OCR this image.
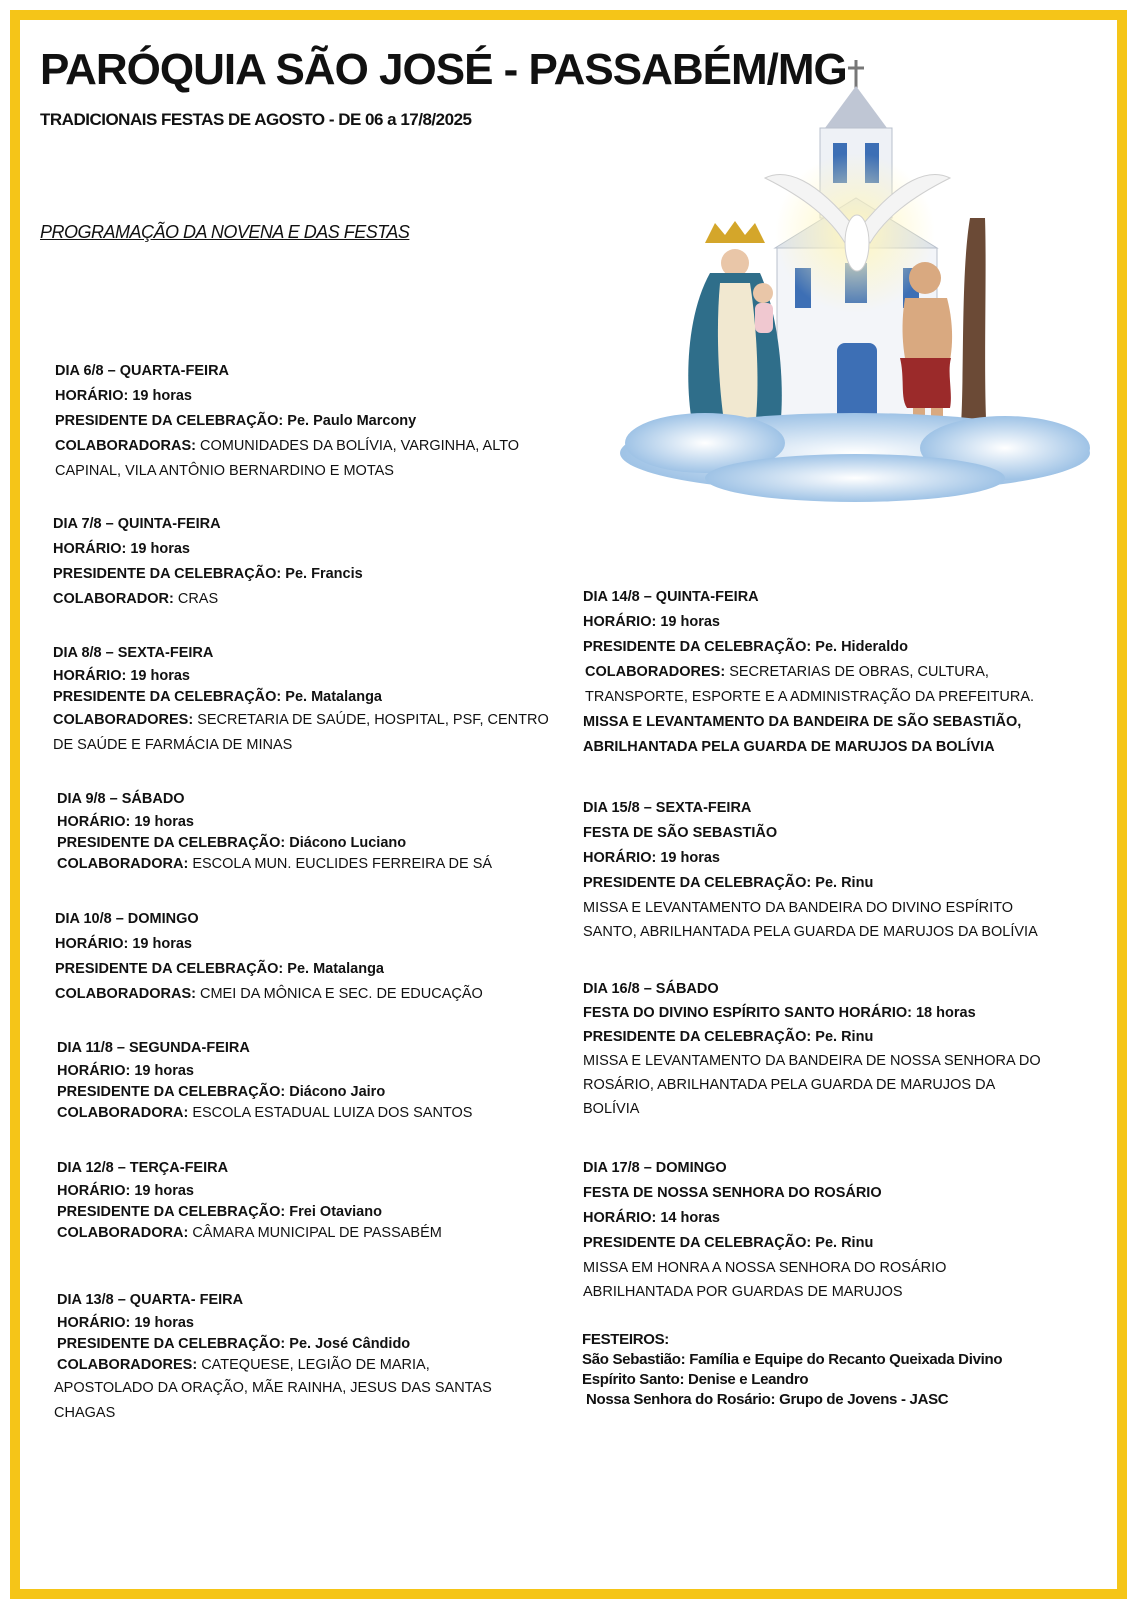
PARÓQUIA SÃO JOSÉ - PASSABÉM/MG
TRADICIONAIS FESTAS DE AGOSTO - DE 06 a 17/8/2025
PROGRAMAÇÃO DA NOVENA E DAS FESTAS

DIA 6/8 – QUARTA-FEIRA

HORÁRIO: 19 horas

PRESIDENTE DA CELEBRAÇÃO: Pe. Paulo Marcony

COLABORADORAS: COMUNIDADES DA BOLÍVIA, VARGINHA, ALTO

CAPINAL, VILA ANTÔNIO BERNARDINO E MOTAS

DIA 7/8 – QUINTA-FEIRA

HORÁRIO: 19 horas

PRESIDENTE DA CELEBRAÇÃO: Pe. Francis

COLABORADOR: CRAS

DIA 8/8 – SEXTA-FEIRA

HORÁRIO: 19 horas

PRESIDENTE DA CELEBRAÇÃO: Pe. Matalanga

COLABORADORES: SECRETARIA DE SAÚDE, HOSPITAL, PSF, CENTRO

DE SAÚDE E FARMÁCIA DE MINAS

DIA 9/8 – SÁBADO

HORÁRIO: 19 horas

PRESIDENTE DA CELEBRAÇÃO: Diácono Luciano

COLABORADORA: ESCOLA MUN. EUCLIDES FERREIRA DE SÁ

DIA 10/8 – DOMINGO

HORÁRIO: 19 horas

PRESIDENTE DA CELEBRAÇÃO: Pe. Matalanga

COLABORADORAS: CMEI DA MÔNICA E SEC. DE EDUCAÇÃO

DIA 11/8 – SEGUNDA-FEIRA

HORÁRIO: 19 horas

PRESIDENTE DA CELEBRAÇÃO: Diácono Jairo

COLABORADORA: ESCOLA ESTADUAL LUIZA DOS SANTOS

DIA 12/8 – TERÇA-FEIRA

HORÁRIO: 19 horas

PRESIDENTE DA CELEBRAÇÃO: Frei Otaviano

COLABORADORA: CÂMARA MUNICIPAL DE PASSABÉM

DIA 13/8 – QUARTA- FEIRA

HORÁRIO: 19 horas

PRESIDENTE DA CELEBRAÇÃO: Pe. José Cândido

COLABORADORES: CATEQUESE, LEGIÃO DE MARIA,

APOSTOLADO DA ORAÇÃO, MÃE RAINHA, JESUS DAS SANTAS

CHAGAS

DIA 14/8 – QUINTA-FEIRA

HORÁRIO: 19 horas

PRESIDENTE DA CELEBRAÇÃO: Pe. Hideraldo

COLABORADORES: SECRETARIAS DE OBRAS, CULTURA,

TRANSPORTE, ESPORTE E A ADMINISTRAÇÃO DA PREFEITURA.

MISSA E LEVANTAMENTO DA BANDEIRA DE SÃO SEBASTIÃO,

ABRILHANTADA PELA GUARDA DE MARUJOS DA BOLÍVIA

DIA 15/8 – SEXTA-FEIRA

FESTA DE SÃO SEBASTIÃO

HORÁRIO: 19 horas

PRESIDENTE DA CELEBRAÇÃO: Pe. Rinu

MISSA E LEVANTAMENTO DA BANDEIRA DO DIVINO ESPÍRITO

SANTO, ABRILHANTADA PELA GUARDA DE MARUJOS DA BOLÍVIA

DIA 16/8 – SÁBADO

FESTA DO DIVINO ESPÍRITO SANTO HORÁRIO: 18 horas

PRESIDENTE DA CELEBRAÇÃO: Pe. Rinu

MISSA E LEVANTAMENTO DA BANDEIRA DE NOSSA SENHORA DO

ROSÁRIO, ABRILHANTADA PELA GUARDA DE MARUJOS DA

BOLÍVIA

DIA 17/8 – DOMINGO

FESTA DE NOSSA SENHORA DO ROSÁRIO

HORÁRIO: 14 horas

PRESIDENTE DA CELEBRAÇÃO: Pe. Rinu

MISSA EM HONRA A NOSSA SENHORA DO ROSÁRIO

ABRILHANTADA POR GUARDAS DE MARUJOS

FESTEIROS:

São Sebastião: Família e Equipe do Recanto Queixada Divino

Espírito Santo: Denise e Leandro

Nossa Senhora do Rosário: Grupo de Jovens - JASC
